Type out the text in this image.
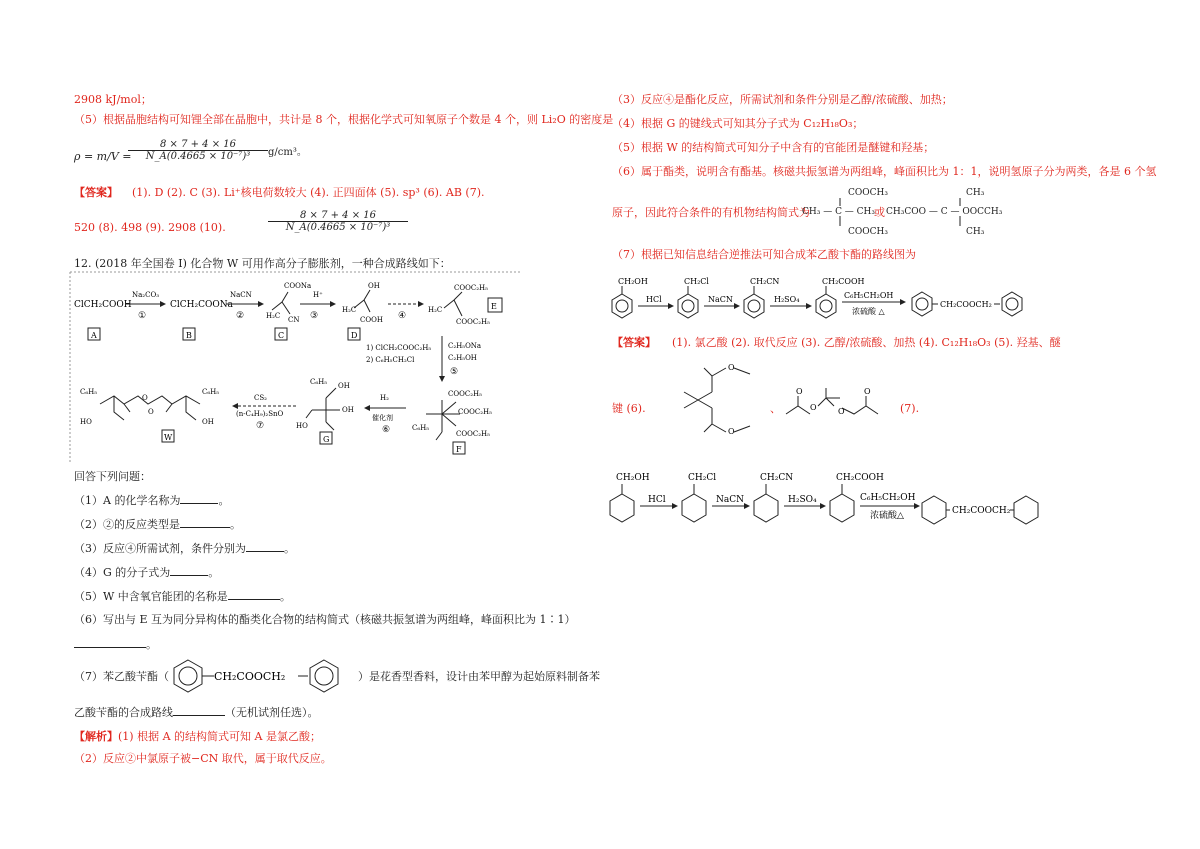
2908 kJ/mol；
（5）根据晶胞结构可知锂全部在晶胞中，共计是 8 个，根据化学式可知氧原子个数是 4 个，则 Li₂O 的密度是
ρ = m/V =
$\frac{8 \times 7 + 4 \times 16}{\text{N\_A(0.4665 × 10⁻⁷)³}} g/cm^3$。
【答案】 (1). D (2). C (3). Li⁺核电荷数较大 (4). 正四面体 (5). sp³ (6). AB (7).
520 (8). 498 (9). 2908 (10).	$\frac{8 \times 7 + 4 \times 16}{\text{N\_A(0.4665 × 10⁻⁷)³}}$
12. (2018 年全国卷 I) 化合物 W 可用作高分子膨胀剂，一种合成路线如下：
ClCH₂COOH
Na₂CO₃
①
ClCH₂COONa
NaCN
②
COONa
H₂C CN
H⁺
③
OH
H₂C
COOH ④
COOC₂H₅
H₂C
COOC₂H₅
A	B	C	D
E
1) ClCH₂COOC₂H₅
2) C₆H₅CH₂Cl
C₂H₅ONa
C₂H₅OH
⑤
COOC₂H₅
COOC₂H₅
COOC₂H₅
C₆H₅
F
H₂
催化剂
⑥
C₆H₅ OH
OH
HO
G
CS₂
(n-C₄H₉)₂SnO
⑦
C₆H₅	C₆H₅
O
O
HO	OH
W
回答下列问题：
（1）A 的化学名称为	。
（2）②的反应类型是	。
（3）反应④所需试剂，条件分别为	。
（4）G 的分子式为	。
（5）W 中含氧官能团的名称是	。
（6）写出与 E 互为同分异构体的酯类化合物的结构简式（核磁共振氢谱为两组峰，峰面积比为 1∶1）
。
（7）苯乙酸苄酯（	CH₂COOCH₂	）是花香型香料，设计由苯甲醇为起始原料制备苯
乙酸苄酯的合成路线	（无机试剂任选）。
【解析】 (1) 根据 A 的结构简式可知 A 是氯乙酸；
（2）反应②中氯原子被−CN 取代，属于取代反应。
（3）反应④是酯化反应，所需试剂和条件分别是乙醇/浓硫酸、加热；
（4）根据 G 的键线式可知其分子式为 C₁₂H₁₈O₃；
（5）根据 W 的结构简式可知分子中含有的官能团是醚键和羟基；
（6）属于酯类，说明含有酯基。核磁共振氢谱为两组峰，峰面积比为 1：1，说明氢原子分为两类，各是 6 个氢
原子，因此符合条件的有机物结构简式为
COOCH₃
CH₃ — C — CH₃
COOCH₃
或
CH₃
CH₃COO — C — OOCCH₃
CH₃
（7）根据已知信息结合逆推法可知合成苯乙酸卞酯的路线图为
CH₂OH
HCl
CH₂Cl
NaCN
CH₂CN
H₂SO₄
CH₂COOH
C₆H₅CH₂OH
浓硫酸 △
CH₂COOCH₂
【答案】 (1). 氯乙酸 (2). 取代反应 (3). 乙醇/浓硫酸、加热 (4). C₁₂H₁₈O₃ (5). 羟基、醚
键 (6).
O
O
、	O
O
O
O
(7).
CH₂OH
HCl
CH₂Cl
NaCN
CH₂CN
H₂SO₄
CH₂COOH
C₆H₅CH₂OH
浓硫酸△	CH₂COOCH₂
